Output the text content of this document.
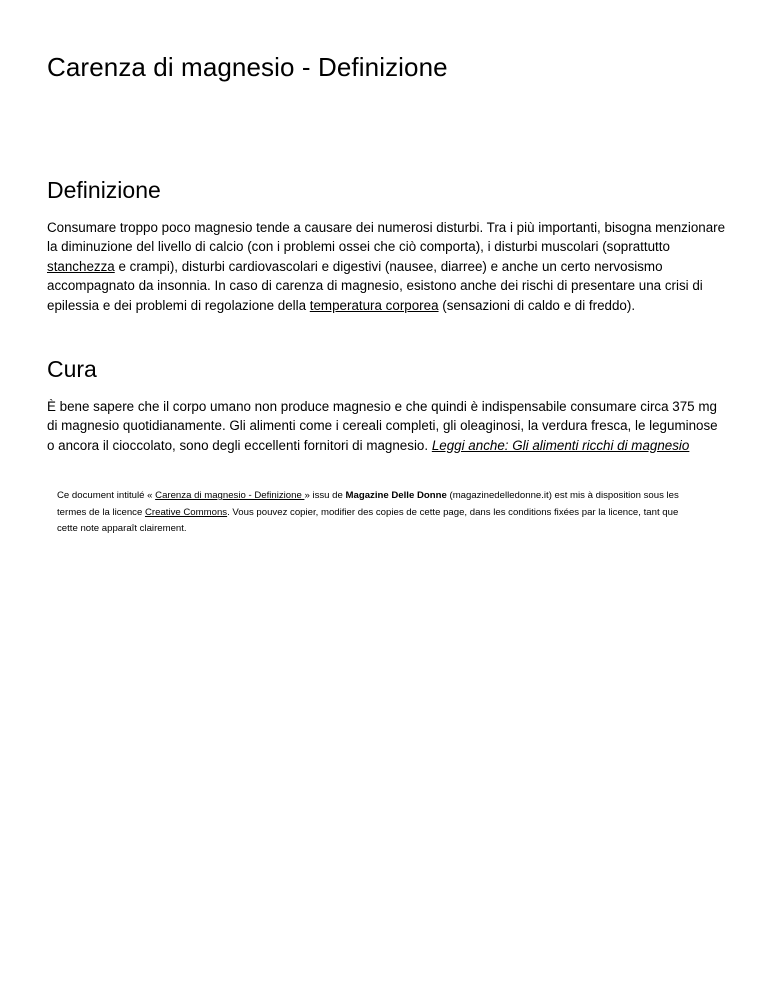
Carenza di magnesio - Definizione
Definizione

Consumare troppo poco magnesio tende a causare dei numerosi disturbi. Tra i più importanti, bisogna menzionare la diminuzione del livello di calcio (con i problemi ossei che ciò comporta), i disturbi muscolari (soprattutto stanchezza e crampi), disturbi cardiovascolari e digestivi (nausee, diarree) e anche un certo nervosismo accompagnato da insonnia. In caso di carenza di magnesio, esistono anche dei rischi di presentare una crisi di epilessia e dei problemi di regolazione della temperatura corporea (sensazioni di caldo e di freddo).

Cura

È bene sapere che il corpo umano non produce magnesio e che quindi è indispensabile consumare circa 375 mg di magnesio quotidianamente. Gli alimenti come i cereali completi, gli oleaginosi, la verdura fresca, le leguminose o ancora il cioccolato, sono degli eccellenti fornitori di magnesio. Leggi anche: Gli alimenti ricchi di magnesio

Ce document intitulé « Carenza di magnesio - Definizione » issu de Magazine Delle Donne (magazinedelledonne.it) est mis à disposition sous les termes de la licence Creative Commons. Vous pouvez copier, modifier des copies de cette page, dans les conditions fixées par la licence, tant que cette note apparaît clairement.
